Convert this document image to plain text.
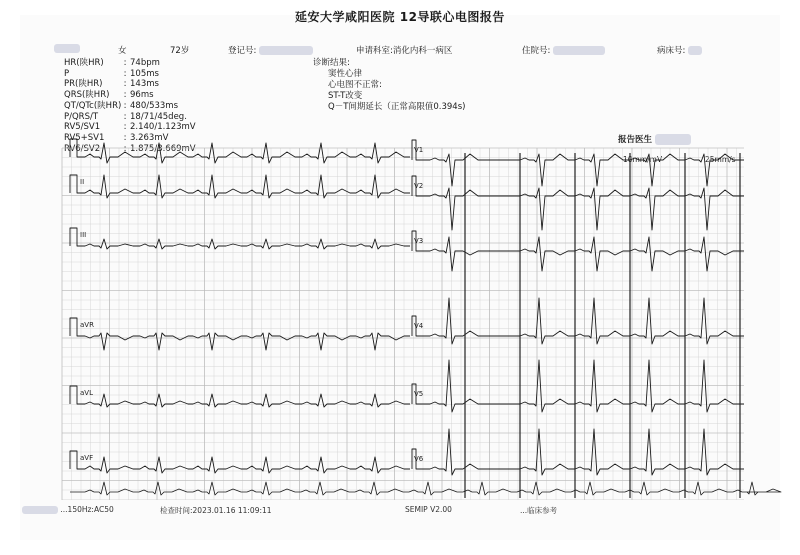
延安大学咸阳医院 12导联心电图报告
女	72岁	登记号:	申请科室:消化内科一病区	住院号:	病床号:
HR(陕HR) : 74bpm
P	: 105ms
PR(陕HR) : 143ms
QRS(陕HR) : 96ms
QT/QTc(陕HR) : 480/533ms
P/QRS/T	: 18/71/45deg.
RV5/SV1	: 2.140/1.123mV
RV5+SV1 : 3.263mV
RV6/SV2	: 1.875/3.669mV
诊断结果:
窦性心律
心电图不正常:
ST-T改变
Q－T间期延长（正常高限值0.394s)
报告医生
10mm/mV	25mm/s
II
III
aVR
aVL
aVF
V1
V2
V3
V4
V5
V6
...150Hz:AC50	检查时间:2023.01.16 11:09:11	SEMIP V2.00	...临床参考
